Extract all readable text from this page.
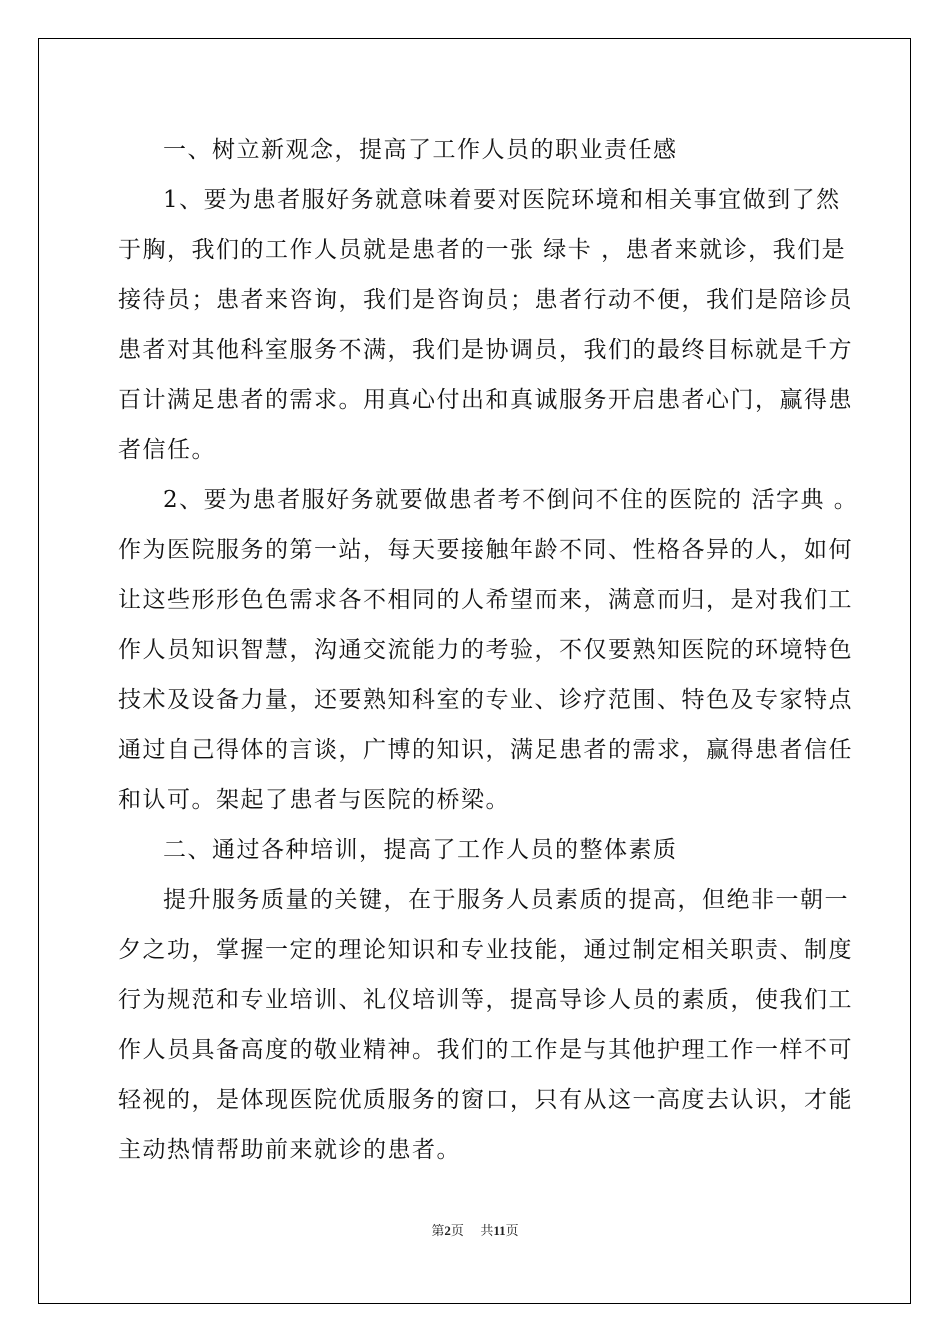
一、树立新观念，提高了工作人员的职业责任感
1、要为患者服好务就意味着要对医院环境和相关事宜做到了然
于胸，我们的工作人员就是患者的一张 绿卡 ，患者来就诊，我们是
接待员；患者来咨询，我们是咨询员；患者行动不便，我们是陪诊员
患者对其他科室服务不满，我们是协调员，我们的最终目标就是千方
百计满足患者的需求。用真心付出和真诚服务开启患者心门，赢得患
者信任。
2、要为患者服好务就要做患者考不倒问不住的医院的 活字典 。
作为医院服务的第一站，每天要接触年龄不同、性格各异的人，如何
让这些形形色色需求各不相同的人希望而来，满意而归，是对我们工
作人员知识智慧，沟通交流能力的考验，不仅要熟知医院的环境特色
技术及设备力量，还要熟知科室的专业、诊疗范围、特色及专家特点
通过自己得体的言谈，广博的知识，满足患者的需求，赢得患者信任
和认可。架起了患者与医院的桥梁。
二、通过各种培训，提高了工作人员的整体素质
提升服务质量的关键，在于服务人员素质的提高，但绝非一朝一
夕之功，掌握一定的理论知识和专业技能，通过制定相关职责、制度
行为规范和专业培训、礼仪培训等，提高导诊人员的素质，使我们工
作人员具备高度的敬业精神。我们的工作是与其他护理工作一样不可
轻视的，是体现医院优质服务的窗口，只有从这一高度去认识，才能
主动热情帮助前来就诊的患者。
第2页    共11页
